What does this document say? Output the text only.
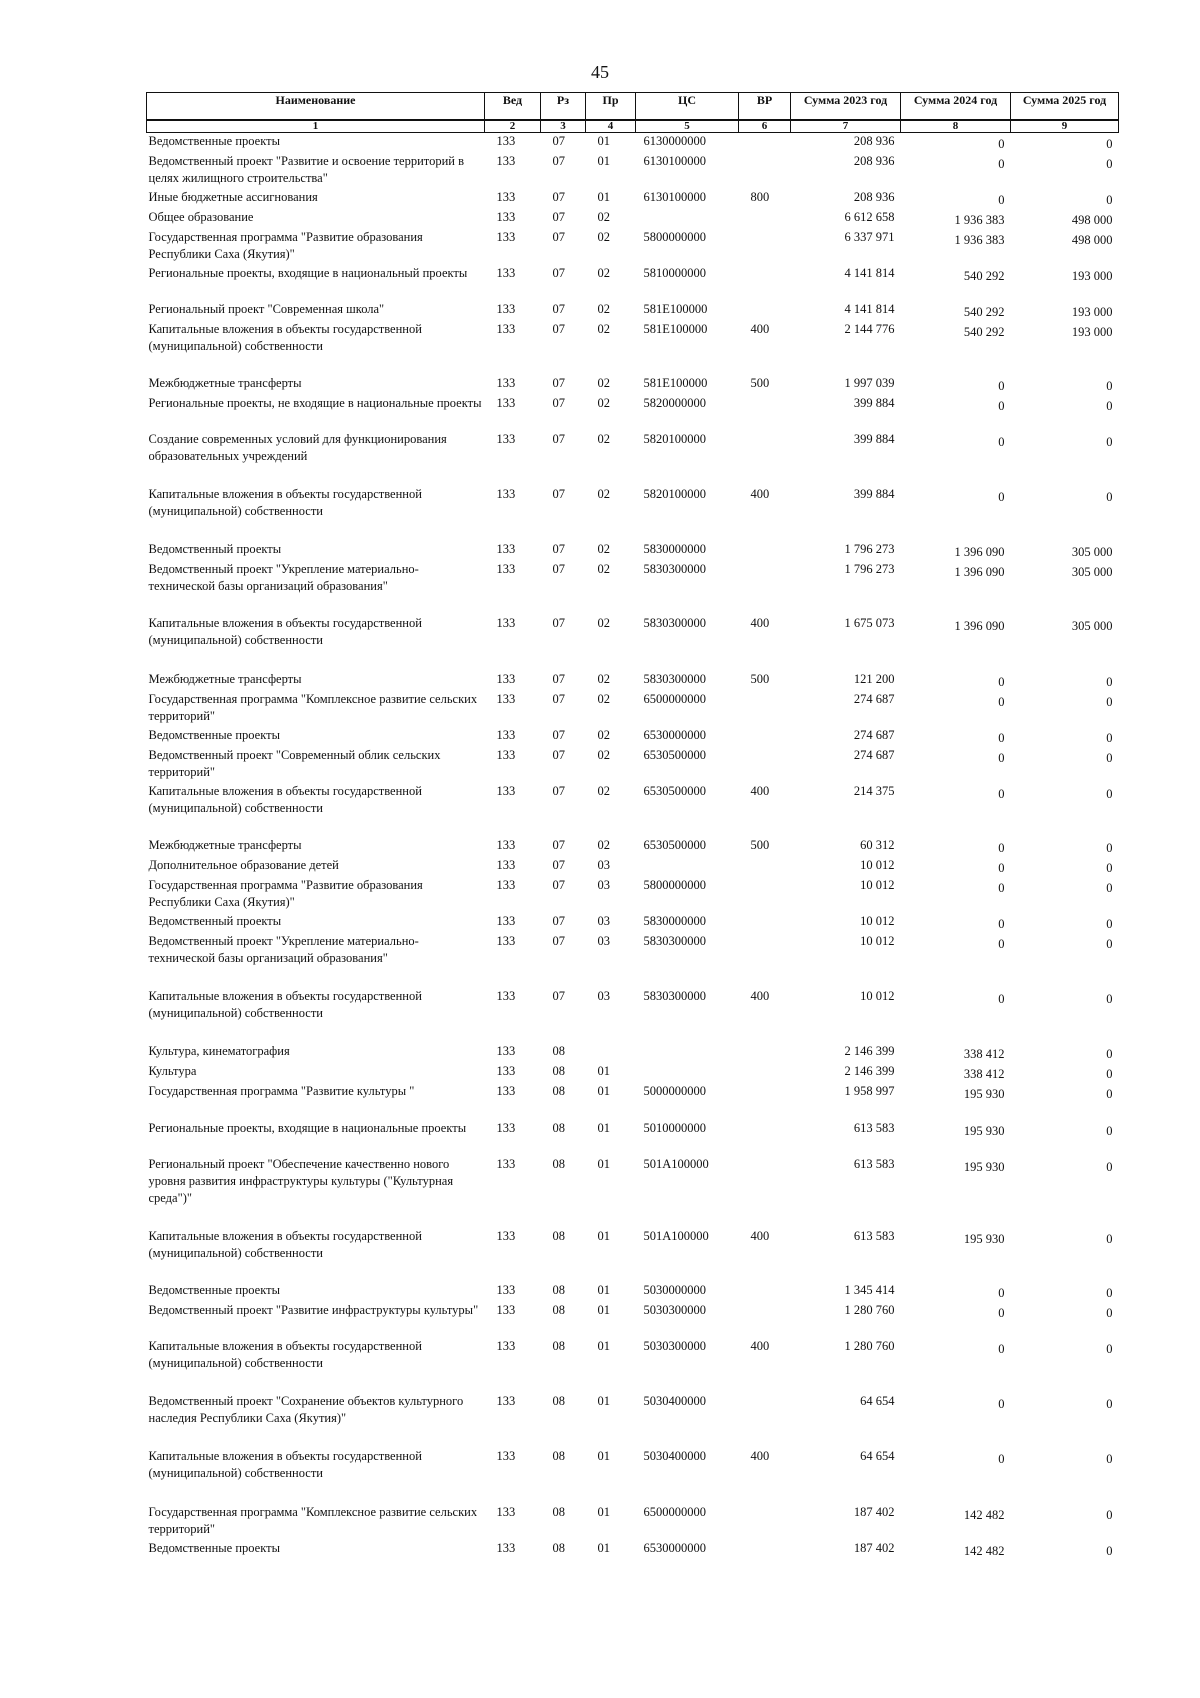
45
Наименование	Вед	Рз	Пр	ЦС	ВР	Сумма 2023 год	Сумма 2024 год	Сумма 2025 год
1	2	3	4	5	6	7	8	9
Ведомственные проекты	133	07	01	6130000000		208 936	0	0
Ведомственный проект "Развитие и освоение территорий в целях жилищного строительства"	133	07	01	6130100000		208 936	0	0
Иные бюджетные ассигнования	133	07	01	6130100000	800	208 936	0	0
Общее образование	133	07	02			6 612 658	1 936 383	498 000
Государственная программа "Развитие образования Республики Саха (Якутия)"	133	07	02	5800000000		6 337 971	1 936 383	498 000
Региональные проекты, входящие в национальный проекты	133	07	02	5810000000		4 141 814	540 292	193 000
Региональный проект "Современная школа"	133	07	02	581E100000		4 141 814	540 292	193 000
Капитальные вложения в объекты государственной (муниципальной) собственности	133	07	02	581E100000	400	2 144 776	540 292	193 000
Межбюджетные трансферты	133	07	02	581E100000	500	1 997 039	0	0
Региональные проекты, не входящие в национальные проекты	133	07	02	5820000000		399 884	0	0
Создание современных условий для функционирования образовательных учреждений	133	07	02	5820100000		399 884	0	0
Капитальные вложения в объекты государственной (муниципальной) собственности	133	07	02	5820100000	400	399 884	0	0
Ведомственный проекты	133	07	02	5830000000		1 796 273	1 396 090	305 000
Ведомственный проект "Укрепление материально-технической базы организаций образования"	133	07	02	5830300000		1 796 273	1 396 090	305 000
Капитальные вложения в объекты государственной (муниципальной) собственности	133	07	02	5830300000	400	1 675 073	1 396 090	305 000
Межбюджетные трансферты	133	07	02	5830300000	500	121 200	0	0
Государственная программа "Комплексное развитие сельских территорий"	133	07	02	6500000000		274 687	0	0
Ведомственные проекты	133	07	02	6530000000		274 687	0	0
Ведомственный проект "Современный облик сельских территорий"	133	07	02	6530500000		274 687	0	0
Капитальные вложения в объекты государственной (муниципальной) собственности	133	07	02	6530500000	400	214 375	0	0
Межбюджетные трансферты	133	07	02	6530500000	500	60 312	0	0
Дополнительное образование детей	133	07	03			10 012	0	0
Государственная программа "Развитие образования Республики Саха (Якутия)"	133	07	03	5800000000		10 012	0	0
Ведомственный проекты	133	07	03	5830000000		10 012	0	0
Ведомственный проект "Укрепление материально-технической базы организаций образования"	133	07	03	5830300000		10 012	0	0
Капитальные вложения в объекты государственной (муниципальной) собственности	133	07	03	5830300000	400	10 012	0	0
Культура, кинематография	133	08				2 146 399	338 412	0
Культура	133	08	01			2 146 399	338 412	0
Государственная программа "Развитие культуры "	133	08	01	5000000000		1 958 997	195 930	0
Региональные проекты, входящие в национальные проекты	133	08	01	5010000000		613 583	195 930	0
Региональный проект "Обеспечение качественно нового уровня развития инфраструктуры культуры ("Культурная среда")"	133	08	01	501A100000		613 583	195 930	0
Капитальные вложения в объекты государственной (муниципальной) собственности	133	08	01	501A100000	400	613 583	195 930	0
Ведомственные проекты	133	08	01	5030000000		1 345 414	0	0
Ведомственный проект "Развитие инфраструктуры культуры"	133	08	01	5030300000		1 280 760	0	0
Капитальные вложения в объекты государственной (муниципальной) собственности	133	08	01	5030300000	400	1 280 760	0	0
Ведомственный проект "Сохранение объектов культурного наследия Республики Саха (Якутия)"	133	08	01	5030400000		64 654	0	0
Капитальные вложения в объекты государственной (муниципальной) собственности	133	08	01	5030400000	400	64 654	0	0
Государственная программа "Комплексное развитие сельских территорий"	133	08	01	6500000000		187 402	142 482	0
Ведомственные проекты	133	08	01	6530000000		187 402	142 482	0
